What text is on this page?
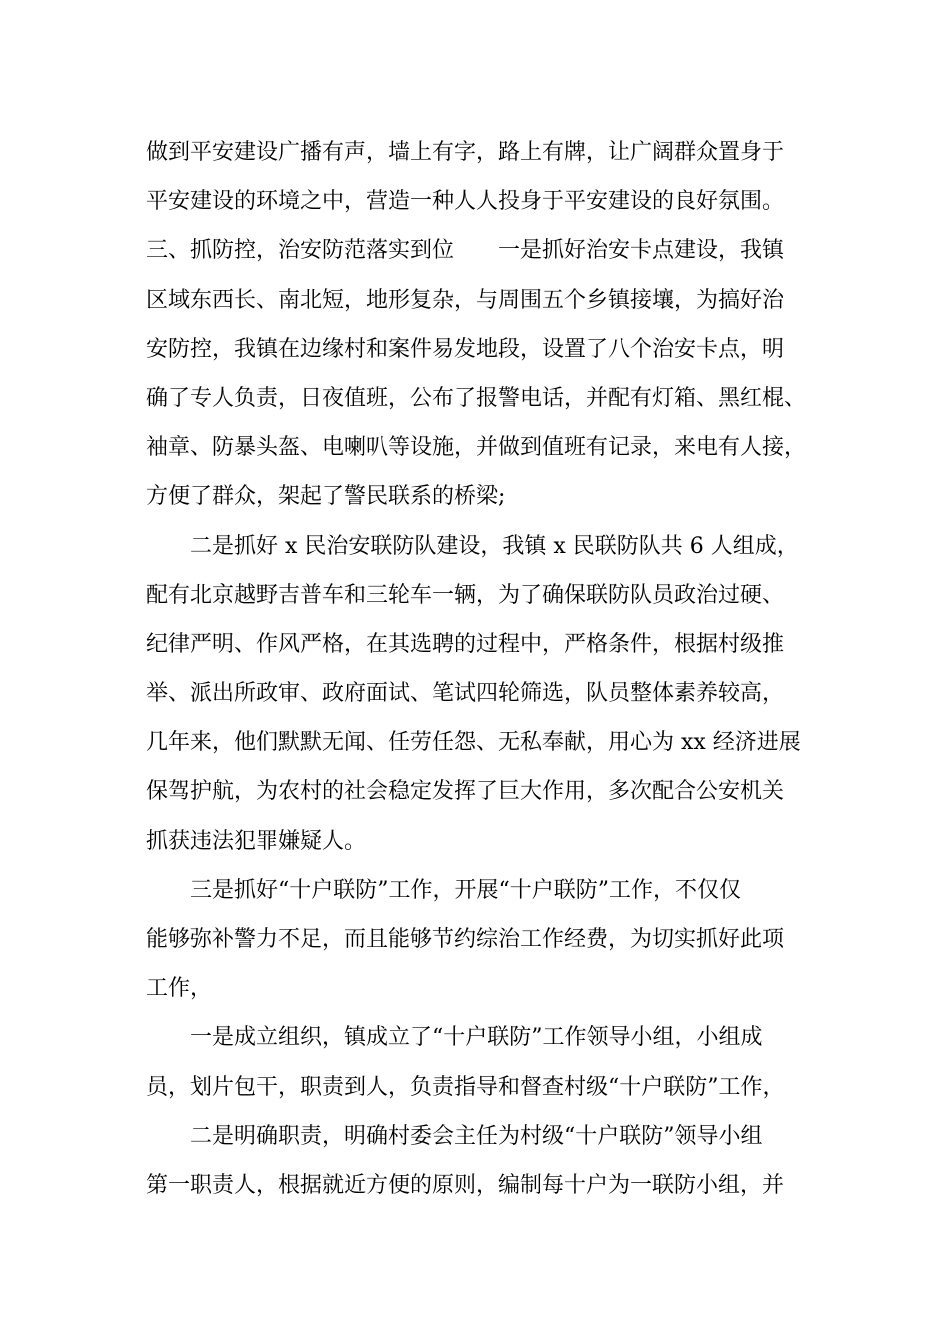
做到平安建设广播有声，墙上有字，路上有牌，让广阔群众置身于
平安建设的环境之中，营造一种人人投身于平安建设的良好氛围。
三、抓防控，治安防范落实到位　　一是抓好治安卡点建设，我镇
区域东西长、南北短，地形复杂，与周围五个乡镇接壤，为搞好治
安防控，我镇在边缘村和案件易发地段，设置了八个治安卡点，明
确了专人负责，日夜值班，公布了报警电话，并配有灯箱、黑红棍、
袖章、防暴头盔、电喇叭等设施，并做到值班有记录，来电有人接，
方便了群众，架起了警民联系的桥梁;
二是抓好 x 民治安联防队建设，我镇 x 民联防队共 6 人组成，
配有北京越野吉普车和三轮车一辆，为了确保联防队员政治过硬、
纪律严明、作风严格，在其选聘的过程中，严格条件，根据村级推
举、派出所政审、政府面试、笔试四轮筛选，队员整体素养较高，
几年来，他们默默无闻、任劳任怨、无私奉献，用心为 xx 经济进展
保驾护航，为农村的社会稳定发挥了巨大作用，多次配合公安机关
抓获违法犯罪嫌疑人。
三是抓好“十户联防”工作，开展“十户联防”工作，不仅仅
能够弥补警力不足，而且能够节约综治工作经费，为切实抓好此项
工作，
一是成立组织，镇成立了“十户联防”工作领导小组，小组成
员，划片包干，职责到人，负责指导和督查村级“十户联防”工作，
二是明确职责，明确村委会主任为村级“十户联防”领导小组
第一职责人，根据就近方便的原则，编制每十户为一联防小组，并
